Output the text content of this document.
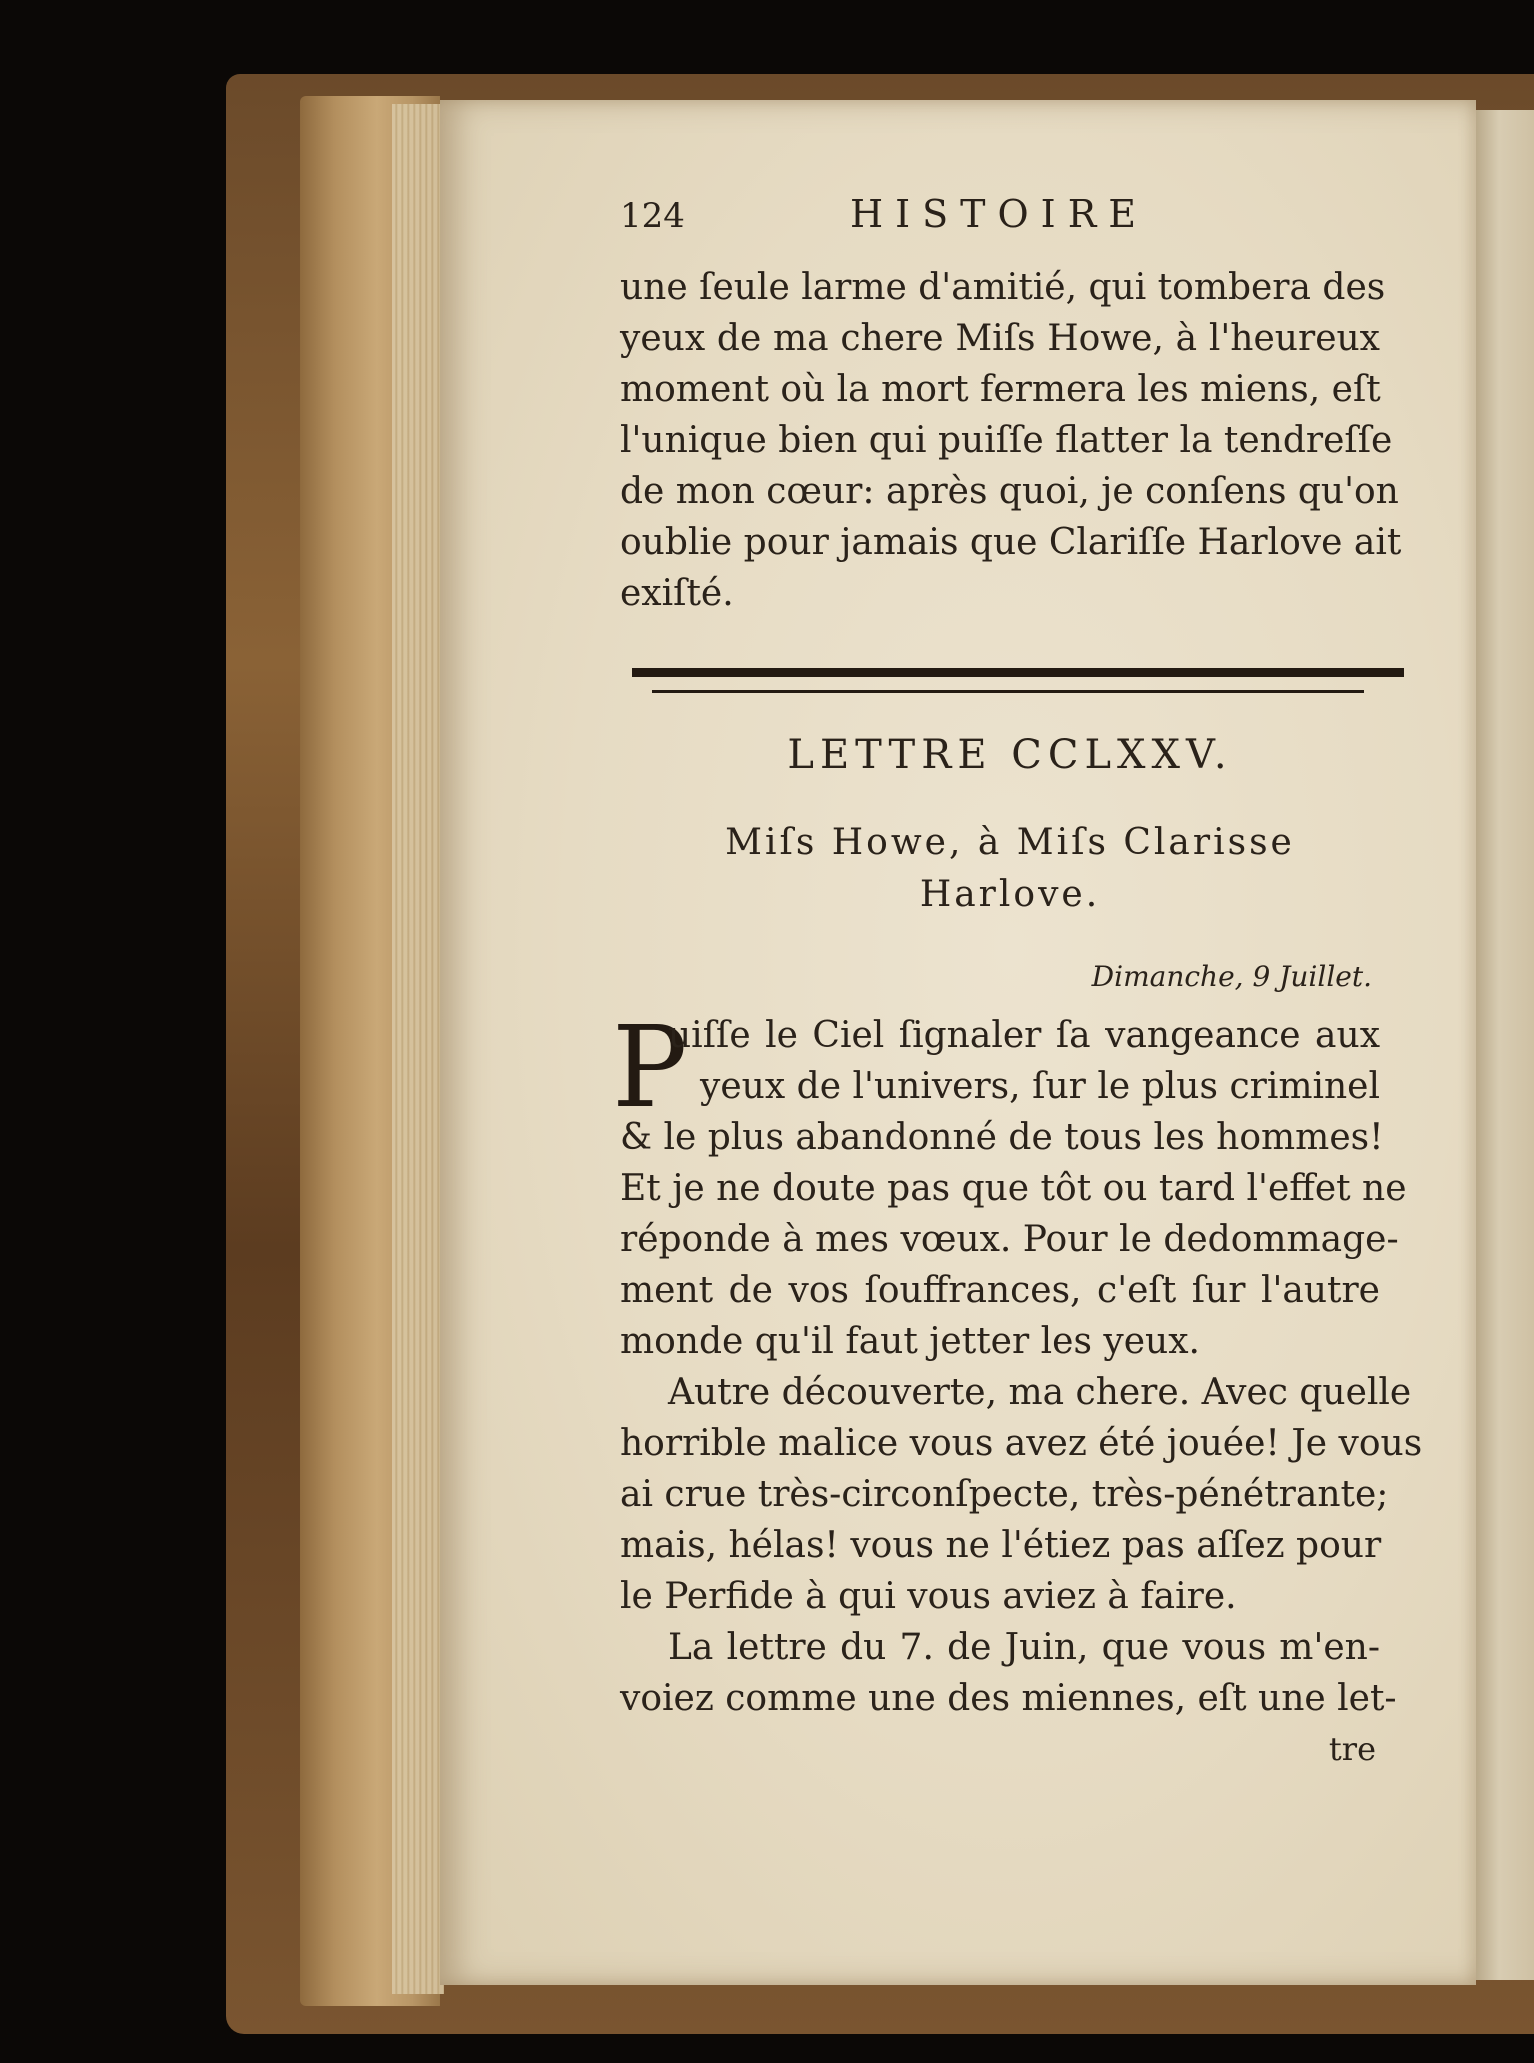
124	HISTOIRE
une ſeule larme d'amitié, qui tombera des
yeux de ma chere Miſs Howe, à l'heureux
moment où la mort fermera les miens, eſt
l'unique bien qui puiſſe flatter la tendreſſe
de mon cœur: après quoi, je conſens qu'on
oublie pour jamais que Clariſſe Harlove ait
exiſté.
LETTRE CCLXXV.
Miſs Howe, à Miſs Clarisse
Harlove.
Dimanche, 9 Juillet.
P
uiſſe le Ciel ſignaler ſa vangeance aux
yeux de l'univers, ſur le plus criminel
& le plus abandonné de tous les hommes!
Et je ne doute pas que tôt ou tard l'effet ne
réponde à mes vœux. Pour le dedommage-
ment de vos ſouffrances, c'eſt ſur l'autre
monde qu'il faut jetter les yeux.
Autre découverte, ma chere. Avec quelle
horrible malice vous avez été jouée! Je vous
ai crue très-circonſpecte, très-pénétrante;
mais, hélas! vous ne l'étiez pas aſſez pour
le Perfide à qui vous aviez à faire.
La lettre du 7. de Juin, que vous m'en-
voiez comme une des miennes, eſt une let-
tre
